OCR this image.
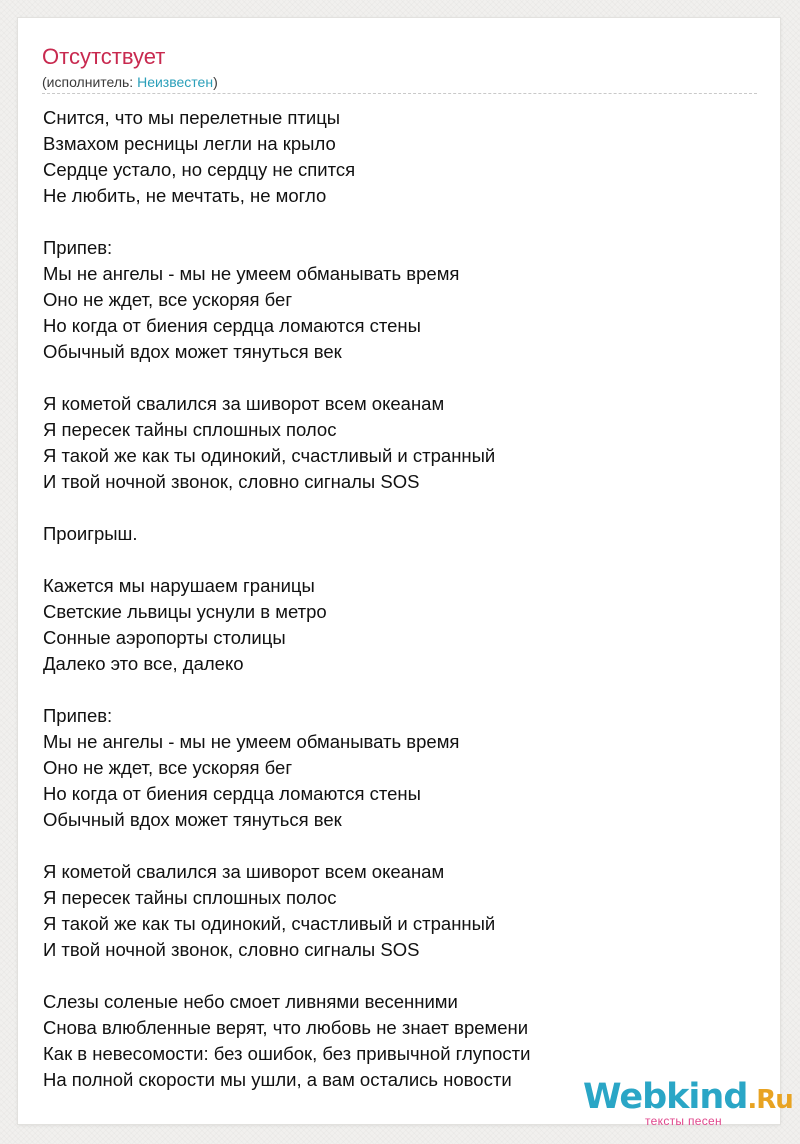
Отсутствует
(исполнитель: Неизвестен)
Снится, что мы перелетные птицы
Взмахом ресницы легли на крыло
Сердце устало, но сердцу не спится
Не любить, не мечтать, не могло
Припев:
Мы не ангелы - мы не умеем обманывать время
Оно не ждет, все ускоряя бег
Но когда от биения сердца ломаются стены
Обычный вдох может тянуться век
Я кометой свалился за шиворот всем океанам
Я пересек тайны сплошных полос
Я такой же как ты одинокий, счастливый и странный
И твой ночной звонок, словно сигналы SOS
Проигрыш.
Кажется мы нарушаем границы
Светские львицы уснули в метро
Сонные аэропорты столицы
Далеко это все, далеко
Припев:
Мы не ангелы - мы не умеем обманывать время
Оно не ждет, все ускоряя бег
Но когда от биения сердца ломаются стены
Обычный вдох может тянуться век
Я кометой свалился за шиворот всем океанам
Я пересек тайны сплошных полос
Я такой же как ты одинокий, счастливый и странный
И твой ночной звонок, словно сигналы SOS
Слезы соленые небо смоет ливнями весенними
Снова влюбленные верят, что любовь не знает времени
Как в невесомости: без ошибок, без привычной глупости
На полной скорости мы ушли, а вам остались новости	Webkind.Ru
тексты песен
